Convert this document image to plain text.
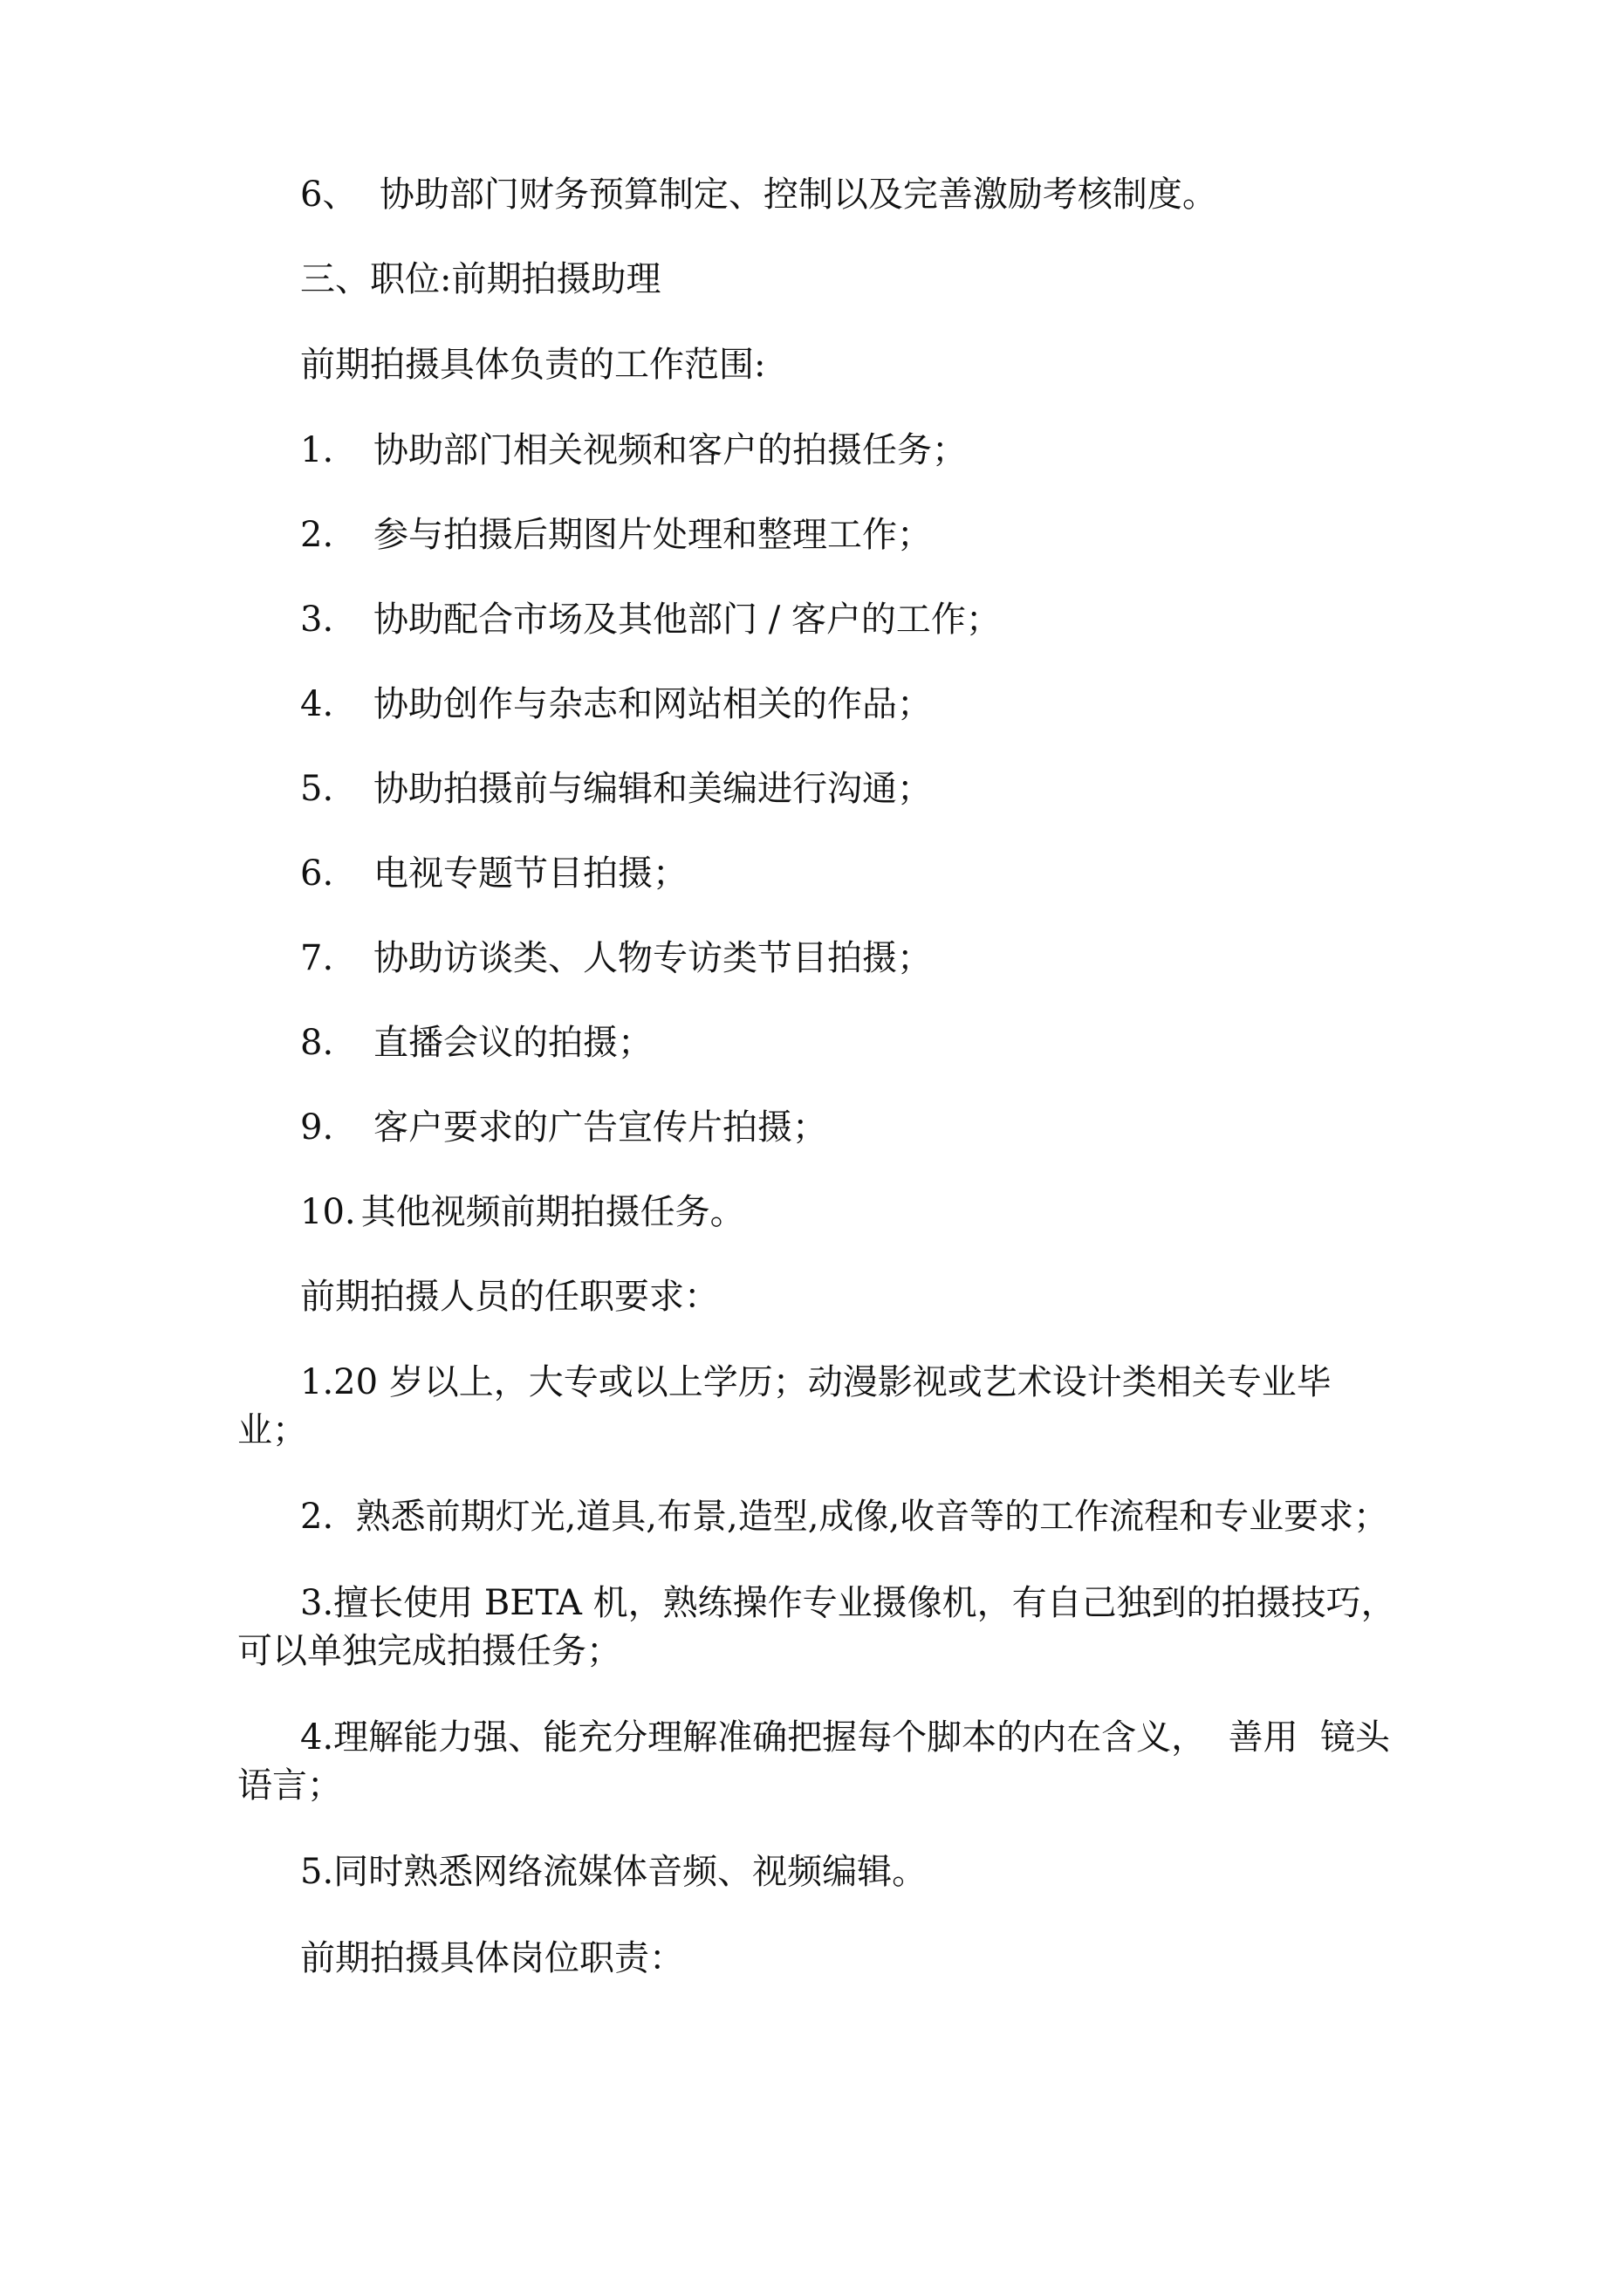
6、  协助部门财务预算制定、控制以及完善激励考核制度。

三、职位:前期拍摄助理

前期拍摄具体负责的工作范围:

1.	协助部门相关视频和客户的拍摄任务；
2.	参与拍摄后期图片处理和整理工作；
3.	协助配合市场及其他部门 / 客户的工作；
4.	协助创作与杂志和网站相关的作品；
5.	协助拍摄前与编辑和美编进行沟通；
6.	电视专题节目拍摄；
7.	协助访谈类、人物专访类节目拍摄；
8.	直播会议的拍摄；
9.	客户要求的广告宣传片拍摄；
10. 其他视频前期拍摄任务。

前期拍摄人员的任职要求：

1.20 岁以上，大专或以上学历；动漫影视或艺术设计类相关专业毕业；

2.  熟悉前期灯光,道具,布景,造型,成像,收音等的工作流程和专业要求；

3.擅长使用 BETA 机，熟练操作专业摄像机，有自己独到的拍摄技巧，可以单独完成拍摄任务；

4.理解能力强、能充分理解准确把握每个脚本的内在含义，  善用  镜头语言；

5.同时熟悉网络流媒体音频、视频编辑。

前期拍摄具体岗位职责：
